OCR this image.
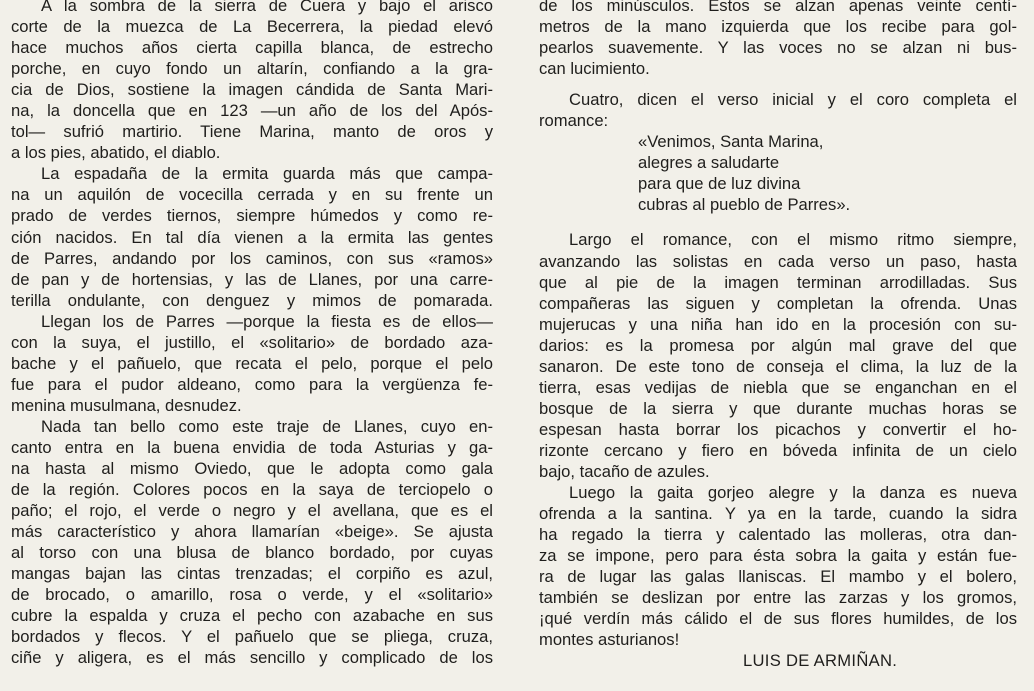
A la sombra de la sierra de Cuera y bajo el arisco
corte de la muezca de La Becerrera, la piedad elevó
hace muchos años cierta capilla blanca, de estrecho
porche, en cuyo fondo un altarín, confiando a la gra-
cia de Dios, sostiene la imagen cándida de Santa Mari-
na, la doncella que en 123 —un año de los del Após-
tol— sufrió martirio. Tiene Marina, manto de oros y
a los pies, abatido, el diablo.
La espadaña de la ermita guarda más que campa-
na un aquilón de vocecilla cerrada y en su frente un
prado de verdes tiernos, siempre húmedos y como re-
ción nacidos. En tal día vienen a la ermita las gentes
de Parres, andando por los caminos, con sus «ramos»
de pan y de hortensias, y las de Llanes, por una carre-
terilla ondulante, con denguez y mimos de pomarada.
Llegan los de Parres —porque la fiesta es de ellos—
con la suya, el justillo, el «solitario» de bordado aza-
bache y el pañuelo, que recata el pelo, porque el pelo
fue para el pudor aldeano, como para la vergüenza fe-
menina musulmana, desnudez.
Nada tan bello como este traje de Llanes, cuyo en-
canto entra en la buena envidia de toda Asturias y ga-
na hasta al mismo Oviedo, que le adopta como gala
de la región. Colores pocos en la saya de terciopelo o
paño; el rojo, el verde o negro y el avellana, que es el
más característico y ahora llamarían «beige». Se ajusta
al torso con una blusa de blanco bordado, por cuyas
mangas bajan las cintas trenzadas; el corpiño es azul,
de brocado, o amarillo, rosa o verde, y el «solitario»
cubre la espalda y cruza el pecho con azabache en sus
bordados y flecos. Y el pañuelo que se pliega, cruza,
ciñe y aligera, es el más sencillo y complicado de los
de los minúsculos. Estos se alzan apenas veinte centí-
metros de la mano izquierda que los recibe para gol-
pearlos suavemente. Y las voces no se alzan ni bus-
can lucimiento.
Cuatro, dicen el verso inicial y el coro completa el
romance:
«Venimos, Santa Marina,
alegres a saludarte
para que de luz divina
cubras al pueblo de Parres».
Largo el romance, con el mismo ritmo siempre,
avanzando las solistas en cada verso un paso, hasta
que al pie de la imagen terminan arrodilladas. Sus
compañeras las siguen y completan la ofrenda. Unas
mujerucas y una niña han ido en la procesión con su-
darios: es la promesa por algún mal grave del que
sanaron. De este tono de conseja el clima, la luz de la
tierra, esas vedijas de niebla que se enganchan en el
bosque de la sierra y que durante muchas horas se
espesan hasta borrar los picachos y convertir el ho-
rizonte cercano y fiero en bóveda infinita de un cielo
bajo, tacaño de azules.
Luego la gaita gorjeo alegre y la danza es nueva
ofrenda a la santina. Y ya en la tarde, cuando la sidra
ha regado la tierra y calentado las molleras, otra dan-
za se impone, pero para ésta sobra la gaita y están fue-
ra de lugar las galas llaniscas. El mambo y el bolero,
también se deslizan por entre las zarzas y los gromos,
¡qué verdín más cálido el de sus flores humildes, de los
montes asturianos!
LUIS DE ARMIÑAN.
